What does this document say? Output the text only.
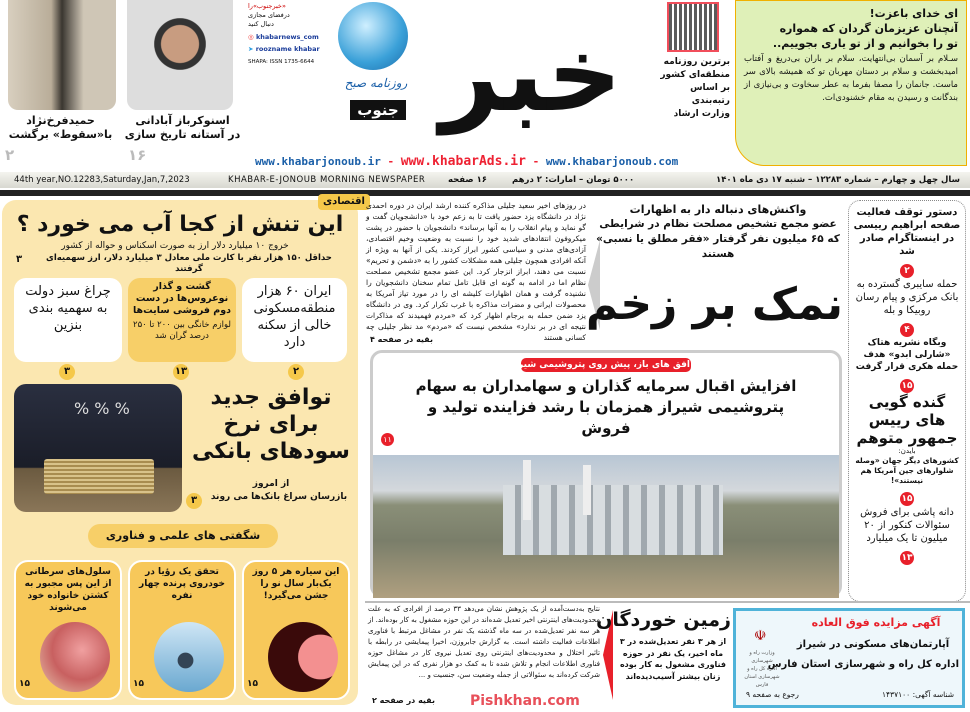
حمیدفرخ‌نژاد
با«سقوط» برگشت
۲
اسنوکرباز آبادانی
در آستانه تاریخ سازی
۱۶
«خبرجنوب»را
درفضای مجازی
دنبال کنید
◎ khabarnews_com
➤ roozname khabar
SHAPA: ISSN 1735-6644
روزنامه صبح
جنوب خبر	برترین روزنامه
منطقه‌ای کشور
بر اساس
رتبه‌بندی
وزارت ارشاد
ای خدای باعزت!
آنچنان عزیزمان گردان که همواره
تو را بخوانیم و از تو یاری بجوییم..
سـلام بر آسمان بی‌انتهایت، سلام بر باران بی‌دریغ و آفتاب امیدبخشت و سلام بر دستان مهربان تو که همیشه بالای سر ماست. جانمان را مصفا بفرما به عطر سخاوت و بی‌نیازی از بندگانت و رسیدن به مقام خشنودی‌ات.
www.khabarjonoub.ir - www.khabarAds.ir - www.khabarjonoub.com
44th year,NO.12283,Saturday,Jan,7,2023	KHABAR-E-JONOUB MORNING NEWSPAPER	۱۶ صفحه	۵۰۰۰ تومان – امارات: ۲ درهم	سال چهل و چهارم – شماره ۱۲۲۸۳ – شنبه ۱۷ دی ماه ۱۴۰۱
اقتصادی
این تنش از کجا آب می خورد ؟
خروج ۱۰ میلیارد دلار ارز به صورت اسکناس و حواله از کشور
حداقل ۱۵۰ هزار نفر با کارت ملی معادل ۳ میلیارد دلار، ارز سهمیه‌ای گرفتند
۳
ایران ۶۰ هزار منطقه‌مسکونی خالی از سکنه دارد
۲
گشت و گذار نوعروس‌ها در دست دوم فروشی سایت‌ها
لوازم خانگی بین ۲۰۰ تا ۲۵۰ درصد گران شد
۱۳
چراغ سبز دولت به سهمیه بندی بنزین
۳
% % %	توافق جدید برای نرخ سودهای بانکی
از امروز
بازرسان سراغ بانک‌ها می روند
۳
شگفتی های علمی و فناوری
این سیاره هر ۵ روز یک‌بار سال نو را جشن می‌گیرد!
۱۵
تحقق یک رؤیا در خودروی پرنده چهار نفره
۱۵
سلول‌های سرطانی از این پس مجبور به کشتن خانواده خود می‌شوند
۱۵
در روزهای اخیر سعید جلیلی مذاکره کننده ارشد ایران در دوره احمدی نژاد در دانشگاه یزد حضور یافت تا به زعم خود با «دانشجویان گفت و گو نماید و پیام انقلاب را به آنها برساند» دانشجویان با حضور در پشت میکروفون انتقادهای شدید خود را نسبت به وضعیت وخیم اقتصادی، آزادی‌های مدنی و سیاسی کشور ابراز کردند. یکی از آنها به ویژه از آنکه افرادی همچون جلیلی همه مشکلات کشور را به «دشمن و تحریم» نسبت می دهند، ابراز انزجار کرد. این عضو مجمع تشخیص مصلحت نظام اما در ادامه به گونه ای قابل تامل تمام سخنان دانشجویان را نشنیده گرفت و همان اظهارات کلیشه ای را در مورد تیاز آمریکا به محصولات ایرانی و مضرات مذاکره با غرب تکرار کرد. وی در دانشگاه یزد ضمن حمله به برجام اظهار کرد که «مردم فهمیدند که مذاکرات نتیجه ای در بر ندارد» مشخص نیست که «مردم» مد نظر جلیلی چه کسانی هستند
بقیه در صفحه ۴
واکنش‌های دنباله دار به اظهارات
عضو مجمع تشخیص مصلحت نظام در شرایطی
که ۶۵ میلیون نفر گرفتار «فقر مطلق یا نسبی» هستند
نمک بر زخم
دستور توقف فعالیت صفحه ابراهیم رییسی در اینستاگرام صادر شد
۲
حمله سایبری گسترده به بانک مرکزی و پیام رسان روبیکا و بله
۴
وبگاه نشریه هتاک «شارلی ابدو» هدف حمله هکری قرار گرفت
۱۵
گنده گویی های رییس جمهور متوهم
بایدن:
کشورهای دیگر جهان «وصله شلوارهای جین آمریکا هم نیستند»!
۱۵
دانه پاشی برای فروش سئوالات کنکور از ۲۰ میلیون تا یک میلیارد
۱۳
افق های باز، پیش روی پتروشیمی شیراز
افزایش اقبال سرمایه گذاران و سهامداران به سهام پتروشیمی شیراز همزمان با رشد فزاینده تولید و فروش
۱۱
نتایج به‌دست‌آمده از یک پژوهش نشان می‌دهد ۳۳ درصد از افرادی که به علت محدودیت‌های اینترنتی اخیر تعدیل شده‌اند در این حوزه مشغول به کار بوده‌اند. از هر سه نفر تعدیل‌شده در سه ماه گذشته یک نفر در مشاغل مرتبط با فناوری اطلاعات فعالیت داشته است. به گزارش جابروزن، اخیرا پیمایشی در رابطه با تاثیر اختلال و محدودیت‌های اینترنتی روی تعدیل نیروی کار در مشاغل حوزه فناوری اطلاعات انجام و تلاش شده تا به کمک دو هزار نفری که در این پیمایش شرکت کرده‌اند به سئوالاتی از جمله وضعیت سن، جنسیت و ...
بقیه در صفحه ۲	Pishkhan.com
زمین خوردگان
از هر ۳ نفر تعدیل‌شده در ۳ ماه اخیر، یک نفر در حوزه فناوری مشغول به کار بوده زنان بیشتر آسیب‌دیده‌اند
☫
وزارت راه و شهرسازی
اداره کل راه و شهرسازی استان فارس
آگهی مزایده فوق العاده
آپارتمان‌های مسکونی در شیراز
اداره کل راه و شهرسازی استان فارس
شناسه آگهی: ۱۴۳۷۱۰۰
رجوع به صفحه ۹
